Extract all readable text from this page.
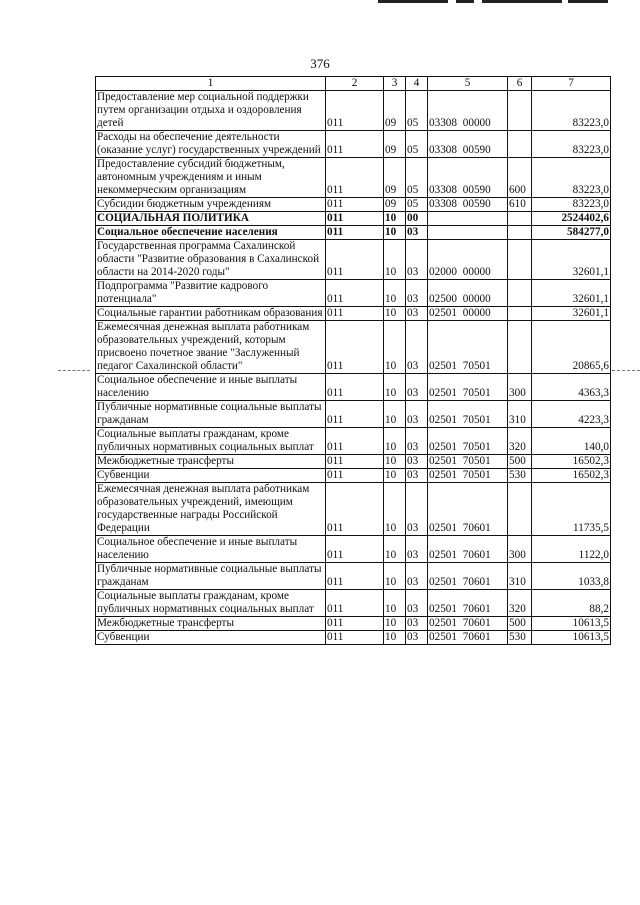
376
1	2	3	4	5	6	7
Предоставление мер социальной поддержки путем организации отдыха и оздоровления детей	011	09	05	03308 00000		83223,0
Расходы на обеспечение деятельности (оказание услуг) государственных учреждений	011	09	05	03308 00590		83223,0
Предоставление субсидий бюджетным, автономным учреждениям и иным некоммерческим организациям	011	09	05	03308 00590	600	83223,0
Субсидии бюджетным учреждениям	011	09	05	03308 00590	610	83223,0
СОЦИАЛЬНАЯ ПОЛИТИКА	011	10	00			2524402,6
Социальное обеспечение населения	011	10	03			584277,0
Государственная программа Сахалинской области "Развитие образования в Сахалинской области на 2014-2020 годы"	011	10	03	02000 00000		32601,1
Подпрограмма "Развитие кадрового потенциала"	011	10	03	02500 00000		32601,1
Социальные гарантии работникам образования	011	10	03	02501 00000		32601,1
Ежемесячная денежная выплата работникам образовательных учреждений, которым присвоено почетное звание "Заслуженный педагог Сахалинской области"	011	10	03	02501 70501		20865,6
Социальное обеспечение и иные выплаты населению	011	10	03	02501 70501	300	4363,3
Публичные нормативные социальные выплаты гражданам	011	10	03	02501 70501	310	4223,3
Социальные выплаты гражданам, кроме публичных нормативных социальных выплат	011	10	03	02501 70501	320	140,0
Межбюджетные трансферты	011	10	03	02501 70501	500	16502,3
Субвенции	011	10	03	02501 70501	530	16502,3
Ежемесячная денежная выплата работникам образовательных учреждений, имеющим государственные награды Российской Федерации	011	10	03	02501 70601		11735,5
Социальное обеспечение и иные выплаты населению	011	10	03	02501 70601	300	1122,0
Публичные нормативные социальные выплаты гражданам	011	10	03	02501 70601	310	1033,8
Социальные выплаты гражданам, кроме публичных нормативных социальных выплат	011	10	03	02501 70601	320	88,2
Межбюджетные трансферты	011	10	03	02501 70601	500	10613,5
Субвенции	011	10	03	02501 70601	530	10613,5
